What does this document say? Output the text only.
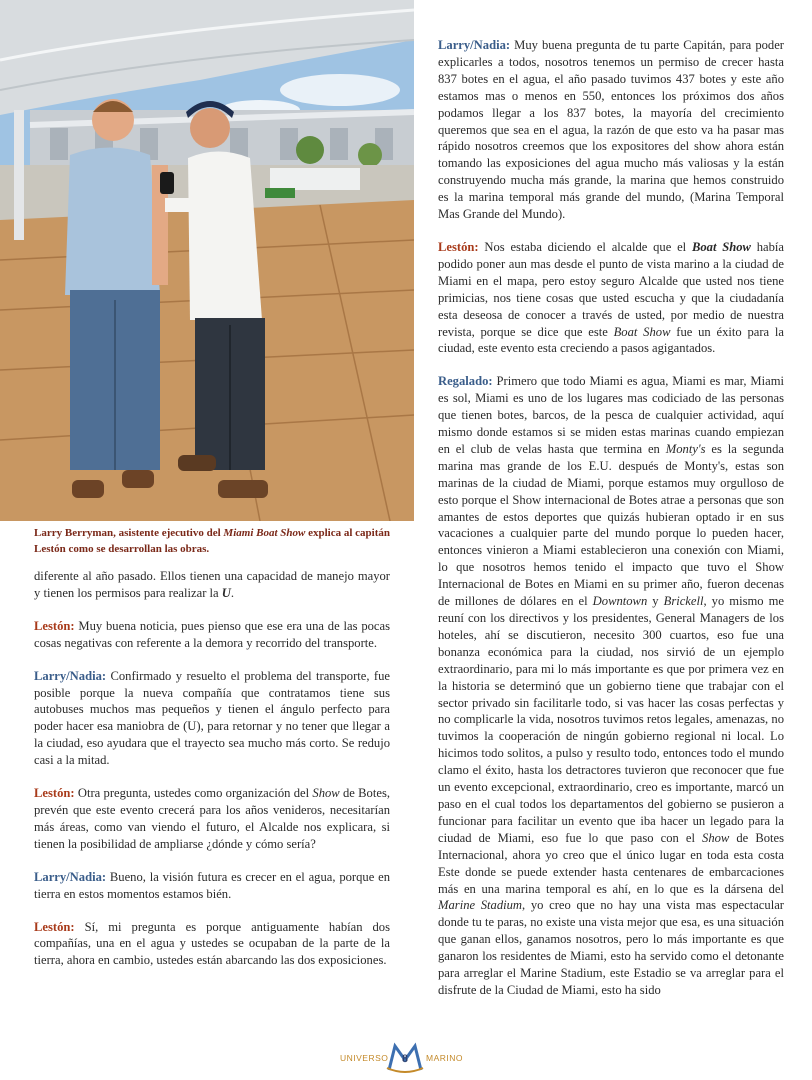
Larry Berryman, asistente ejecutivo del Miami Boat Show explica al capitán Lestón como se desarrollan las obras.

diferente al año pasado. Ellos tienen una capacidad de manejo mayor y tienen los permisos para realizar la U.

Lestón: Muy buena noticia, pues pienso que ese era una de las pocas cosas negativas con referente a la demora y recorrido del transporte.

Larry/Nadia: Confirmado y resuelto el problema del transporte, fue posible porque la nueva compañía que contratamos tiene sus autobuses muchos mas pequeños y tienen el ángulo perfecto para poder hacer esa maniobra de (U), para retornar y no tener que llegar a la ciudad, eso ayudara que el trayecto sea mucho más corto. Se redujo casi a la mitad.

Lestón: Otra pregunta, ustedes como organización del Show de Botes, prevén que este evento crecerá para los años venideros, necesitarían más áreas, como van viendo el futuro, el Alcalde nos explicara, si tienen la posibilidad de ampliarse ¿dónde y cómo sería?

Larry/Nadia: Bueno, la visión futura es crecer en el agua, porque en tierra en estos momentos estamos bién.

Lestón: Sí, mi pregunta es porque antiguamente habían dos compañías, una en el agua y ustedes se ocupaban de la parte de la tierra, ahora en cambio, ustedes están abarcando las dos exposiciones.

Larry/Nadia: Muy buena pregunta de tu parte Capitán, para poder explicarles a todos, nosotros tenemos un permiso de crecer hasta 837 botes en el agua, el año pasado tuvimos 437 botes y este año estamos mas o menos en 550, entonces los próximos dos años podamos llegar a los 837 botes, la mayoría del crecimiento queremos que sea en el agua, la razón de que esto va ha pasar mas rápido nosotros creemos que los expositores del show ahora están tomando las exposiciones del agua mucho más valiosas y la están construyendo mucha más grande, la marina que hemos construido es la marina temporal más grande del mundo, (Marina Temporal Mas Grande del Mundo).

Lestón: Nos estaba diciendo el alcalde que el Boat Show había podido poner aun mas desde el punto de vista marino a la ciudad de Miami en el mapa, pero estoy seguro Alcalde que usted nos tiene primicias, nos tiene cosas que usted escucha y que la ciudadanía esta deseosa de conocer a través de usted, por medio de nuestra revista, porque se dice que este Boat Show fue un éxito para la ciudad, este evento esta creciendo a pasos agigantados.

Regalado: Primero que todo Miami es agua, Miami es mar, Miami es sol, Miami es uno de los lugares mas codiciado de las personas que tienen botes, barcos, de la pesca de cualquier actividad, aquí mismo donde estamos si se miden estas marinas cuando empiezan en el club de velas hasta que termina en Monty's es la segunda marina mas grande de los E.U. después de Monty's, estas son marinas de la ciudad de Miami, porque estamos muy orgulloso de esto porque el Show internacional de Botes atrae a personas que son amantes de estos deportes que quizás hubieran optado ir en sus vacaciones a cualquier parte del mundo porque lo pueden hacer, entonces vinieron a Miami establecieron una conexión con Miami, lo que nosotros hemos tenido el impacto que tuvo el Show Internacional de Botes en Miami en su primer año, fueron decenas de millones de dólares en el Downtown y Brickell, yo mismo me reuní con los directivos y los presidentes, General Managers de los hoteles, ahí se discutieron, necesito 300 cuartos, eso fue una bonanza económica para la ciudad, nos sirvió de un ejemplo extraordinario, para mi lo más importante es que por primera vez en la historia se determinó que un gobierno tiene que trabajar con el sector privado sin facilitarle todo, si vas hacer las cosas perfectas y no complicarle la vida, nosotros tuvimos retos legales, amenazas, no tuvimos la cooperación de ningún gobierno regional ni local. Lo hicimos todo solitos, a pulso y resulto todo, entonces todo el mundo clamo el éxito, hasta los detractores tuvieron que reconocer que fue un evento excepcional, extraordinario, creo es importante, marcó un paso en el cual todos los departamentos del gobierno se pusieron a funcionar para facilitar un evento que iba hacer un legado para la ciudad de Miami, eso fue lo que paso con el Show de Botes Internacional, ahora yo creo que el único lugar en toda esta costa Este donde se puede extender hasta centenares de embarcaciones más en una marina temporal es ahí, en lo que es la dársena del Marine Stadium, yo creo que no hay una vista mas espectacular donde tu te paras, no existe una vista mejor que esa, es una situación que ganan ellos, ganamos nosotros, pero lo más importante es que ganaron los residentes de Miami, esto ha servido como el detonante para arreglar el Marine Stadium, este Estadio se va arreglar para el disfrute de la Ciudad de Miami, esto ha sido

UNIVERSO	8	MARINO
